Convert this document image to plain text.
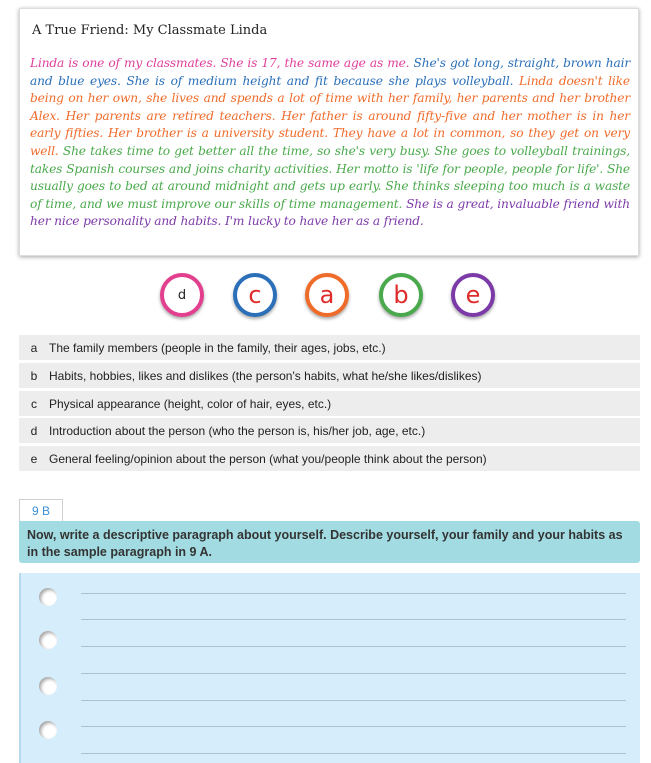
A True Friend: My Classmate Linda
Linda is one of my classmates. She is 17, the same age as me. She's got long, straight, brown hair and blue eyes. She is of medium height and fit because she plays volleyball. Linda doesn't like being on her own, she lives and spends a lot of time with her family, her parents and her brother Alex. Her parents are retired teachers. Her father is around fifty-five and her mother is in her early fifties. Her brother is a university student. They have a lot in common, so they get on very well. She takes time to get better all the time, so she's very busy. She goes to volleyball trainings, takes Spanish courses and joins charity activities. Her motto is 'life for people, people for life'. She usually goes to bed at around midnight and gets up early. She thinks sleeping too much is a waste of time, and we must improve our skills of time management. She is a great, invaluable friend with her nice personality and habits. I'm lucky to have her as a friend.
d	c a b e
a The family members (people in the family, their ages, jobs, etc.)
b Habits, hobbies, likes and dislikes (the person's habits, what he/she likes/dislikes)
c	Physical appearance (height, color of hair, eyes, etc.)
d Introduction about the person (who the person is, his/her job, age, etc.)
e General feeling/opinion about the person (what you/people think about the person)
9 B
Now, write a descriptive paragraph about yourself. Describe yourself, your family and your habits as in the sample paragraph in 9 A.
